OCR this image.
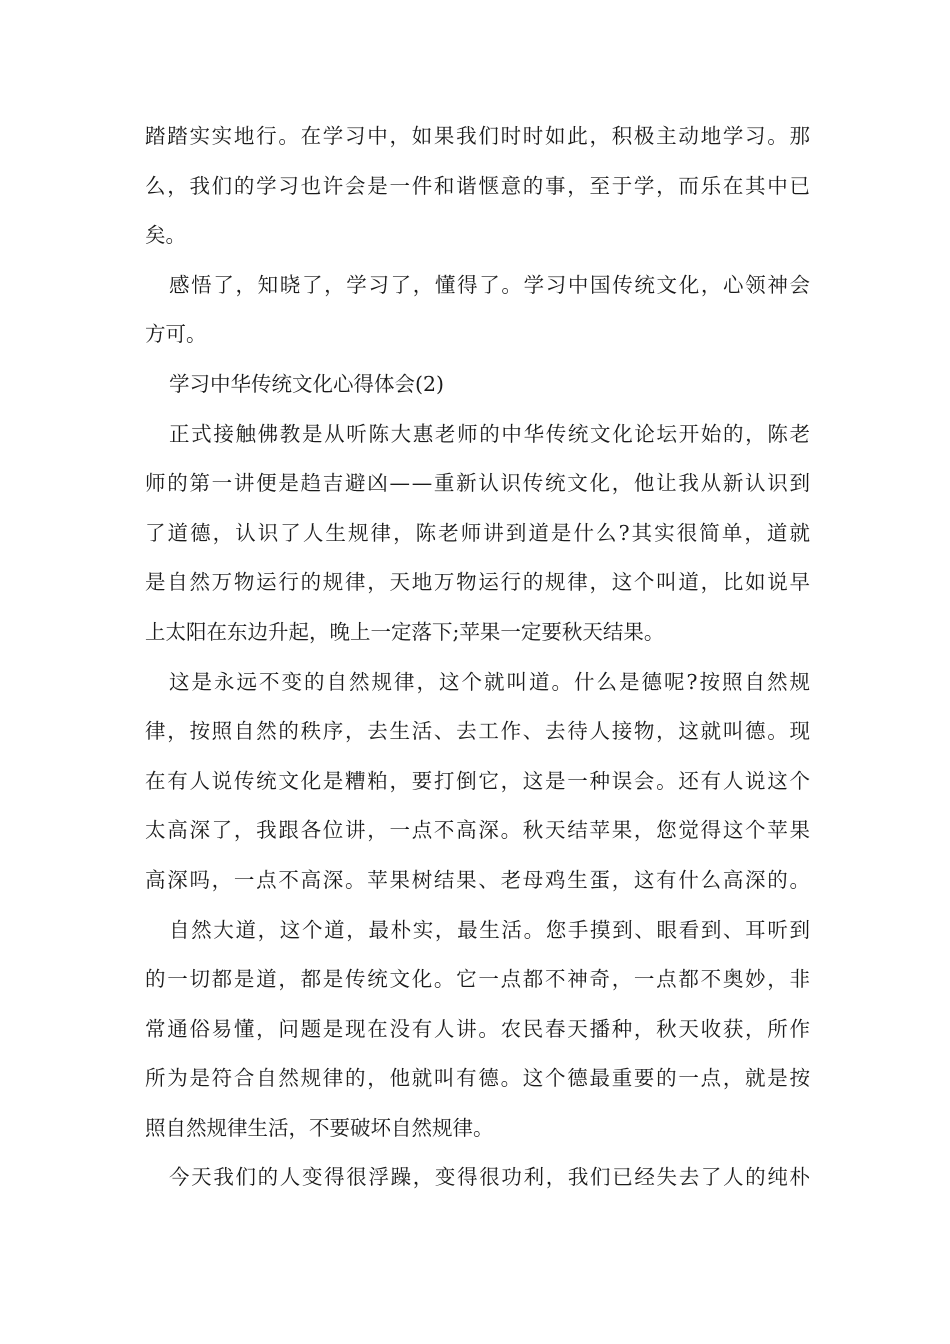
踏踏实实地行。在学习中，如果我们时时如此，积极主动地学习。那
么，我们的学习也许会是一件和谐惬意的事，至于学，而乐在其中已
矣。
感悟了，知晓了，学习了，懂得了。学习中国传统文化，心领神会
方可。
学习中华传统文化心得体会(2)
正式接触佛教是从听陈大惠老师的中华传统文化论坛开始的，陈老
师的第一讲便是趋吉避凶——重新认识传统文化，他让我从新认识到
了道德，认识了人生规律，陈老师讲到道是什么?其实很简单，道就
是自然万物运行的规律，天地万物运行的规律，这个叫道，比如说早
上太阳在东边升起，晚上一定落下;苹果一定要秋天结果。
这是永远不变的自然规律，这个就叫道。什么是德呢?按照自然规
律，按照自然的秩序，去生活、去工作、去待人接物，这就叫德。现
在有人说传统文化是糟粕，要打倒它，这是一种误会。还有人说这个
太高深了，我跟各位讲，一点不高深。秋天结苹果，您觉得这个苹果
高深吗，一点不高深。苹果树结果、老母鸡生蛋，这有什么高深的。
自然大道，这个道，最朴实，最生活。您手摸到、眼看到、耳听到
的一切都是道，都是传统文化。它一点都不神奇，一点都不奥妙，非
常通俗易懂，问题是现在没有人讲。农民春天播种，秋天收获，所作
所为是符合自然规律的，他就叫有德。这个德最重要的一点，就是按
照自然规律生活，不要破坏自然规律。
今天我们的人变得很浮躁，变得很功利，我们已经失去了人的纯朴
